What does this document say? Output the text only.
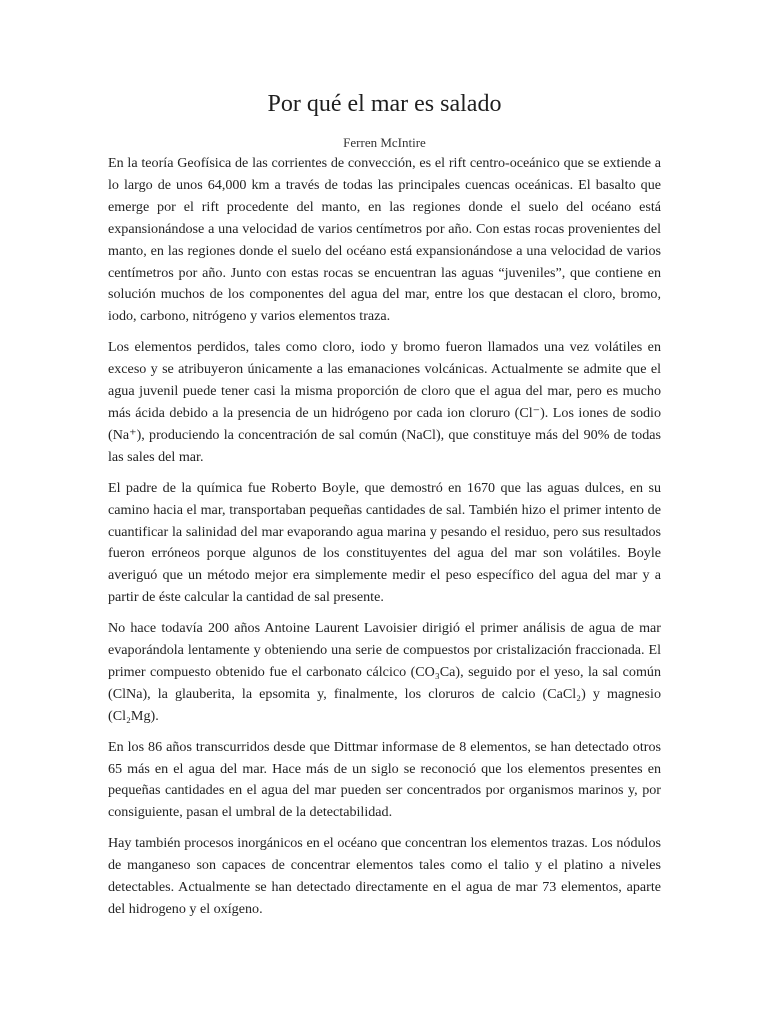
Por qué el mar es salado
Ferren McIntire

En la teoría Geofísica de las corrientes de convección, es el rift centro-oceánico que se extiende a lo largo de unos 64,000 km a través de todas las principales cuencas oceánicas. El basalto que emerge por el rift procedente del manto, en las regiones donde el suelo del océano está expansionándose a una velocidad de varios centímetros por año. Con estas rocas provenientes del manto, en las regiones donde el suelo del océano está expansionándose a una velocidad de varios centímetros por año. Junto con estas rocas se encuentran las aguas “juveniles”, que contiene en solución muchos de los componentes del agua del mar, entre los que destacan el cloro, bromo, iodo, carbono, nitrógeno y varios elementos traza.

Los elementos perdidos, tales como cloro, iodo y bromo fueron llamados una vez volátiles en exceso y se atribuyeron únicamente a las emanaciones volcánicas. Actualmente se admite que el agua juvenil puede tener casi la misma proporción de cloro que el agua del mar, pero es mucho más ácida debido a la presencia de un hidrógeno por cada ion cloruro (Cl⁻). Los iones de sodio (Na⁺), produciendo la concentración de sal común (NaCl), que constituye más del 90% de todas las sales del mar.

El padre de la química fue Roberto Boyle, que demostró en 1670 que las aguas dulces, en su camino hacia el mar, transportaban pequeñas cantidades de sal. También hizo el primer intento de cuantificar la salinidad del mar evaporando agua marina y pesando el residuo, pero sus resultados fueron erróneos porque algunos de los constituyentes del agua del mar son volátiles. Boyle averiguó que un método mejor era simplemente medir el peso específico del agua del mar y a partir de éste calcular la cantidad de sal presente.

No hace todavía 200 años Antoine Laurent Lavoisier dirigió el primer análisis de agua de mar evaporándola lentamente y obteniendo una serie de compuestos por cristalización fraccionada. El primer compuesto obtenido fue el carbonato cálcico (CO₃Ca), seguido por el yeso, la sal común (ClNa), la glauberita, la epsomita y, finalmente, los cloruros de calcio (CaCl₂) y magnesio (Cl₂Mg).

En los 86 años transcurridos desde que Dittmar informase de 8 elementos, se han detectado otros 65 más en el agua del mar. Hace más de un siglo se reconoció que los elementos presentes en pequeñas cantidades en el agua del mar pueden ser concentrados por organismos marinos y, por consiguiente, pasan el umbral de la detectabilidad.

Hay también procesos inorgánicos en el océano que concentran los elementos trazas. Los nódulos de manganeso son capaces de concentrar elementos tales como el talio y el platino a niveles detectables. Actualmente se han detectado directamente en el agua de mar 73 elementos, aparte del hidrogeno y el oxígeno.
